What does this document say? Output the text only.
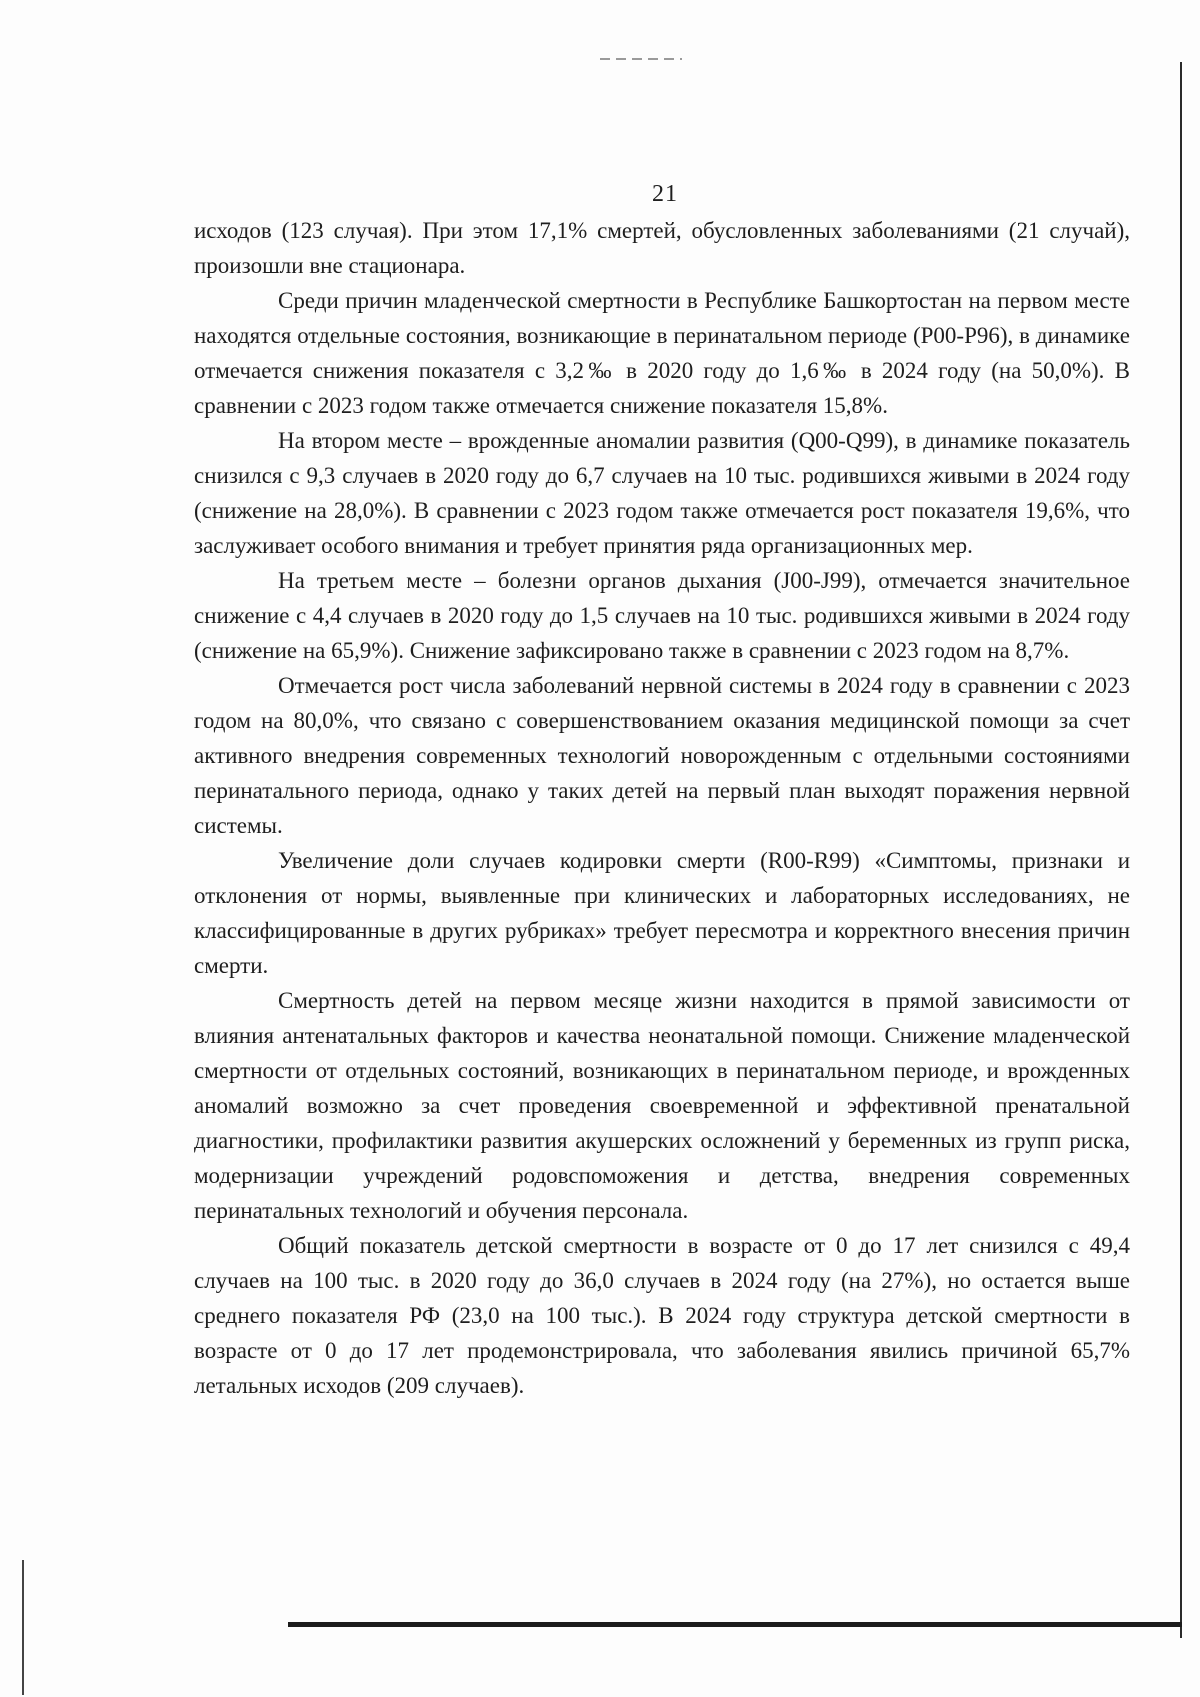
21

исходов (123 случая). При этом 17,1% смертей, обусловленных заболеваниями (21 случай), произошли вне стационара.

Среди причин младенческой смертности в Республике Башкортостан на первом месте находятся отдельные состояния, возникающие в перинатальном периоде (P00-P96), в динамике отмечается снижения показателя с 3,2‰ в 2020 году до 1,6‰ в 2024 году (на 50,0%). В сравнении с 2023 годом также отмечается снижение показателя 15,8%.

На втором месте – врожденные аномалии развития (Q00-Q99), в динамике показатель снизился с 9,3 случаев в 2020 году до 6,7 случаев на 10 тыс. родившихся живыми в 2024 году (снижение на 28,0%). В сравнении с 2023 годом также отмечается рост показателя 19,6%, что заслуживает особого внимания и требует принятия ряда организационных мер.

На третьем месте – болезни органов дыхания (J00-J99), отмечается значительное снижение с 4,4 случаев в 2020 году до 1,5 случаев на 10 тыс. родившихся живыми в 2024 году (снижение на 65,9%). Снижение зафиксировано также в сравнении с 2023 годом на 8,7%.

Отмечается рост числа заболеваний нервной системы в 2024 году в сравнении с 2023 годом на 80,0%, что связано с совершенствованием оказания медицинской помощи за счет активного внедрения современных технологий новорожденным с отдельными состояниями перинатального периода, однако у таких детей на первый план выходят поражения нервной системы.

Увеличение доли случаев кодировки смерти (R00-R99) «Симптомы, признаки и отклонения от нормы, выявленные при клинических и лабораторных исследованиях, не классифицированные в других рубриках» требует пересмотра и корректного внесения причин смерти.

Смертность детей на первом месяце жизни находится в прямой зависимости от влияния антенатальных факторов и качества неонатальной помощи. Снижение младенческой смертности от отдельных состояний, возникающих в перинатальном периоде, и врожденных аномалий возможно за счет проведения своевременной и эффективной пренатальной диагностики, профилактики развития акушерских осложнений у беременных из групп риска, модернизации учреждений родовспоможения и детства, внедрения современных перинатальных технологий и обучения персонала.

Общий показатель детской смертности в возрасте от 0 до 17 лет снизился с 49,4 случаев на 100 тыс. в 2020 году до 36,0 случаев в 2024 году (на 27%), но остается выше среднего показателя РФ (23,0 на 100 тыс.). В 2024 году структура детской смертности в возрасте от 0 до 17 лет продемонстрировала, что заболевания явились причиной 65,7% летальных исходов (209 случаев).
